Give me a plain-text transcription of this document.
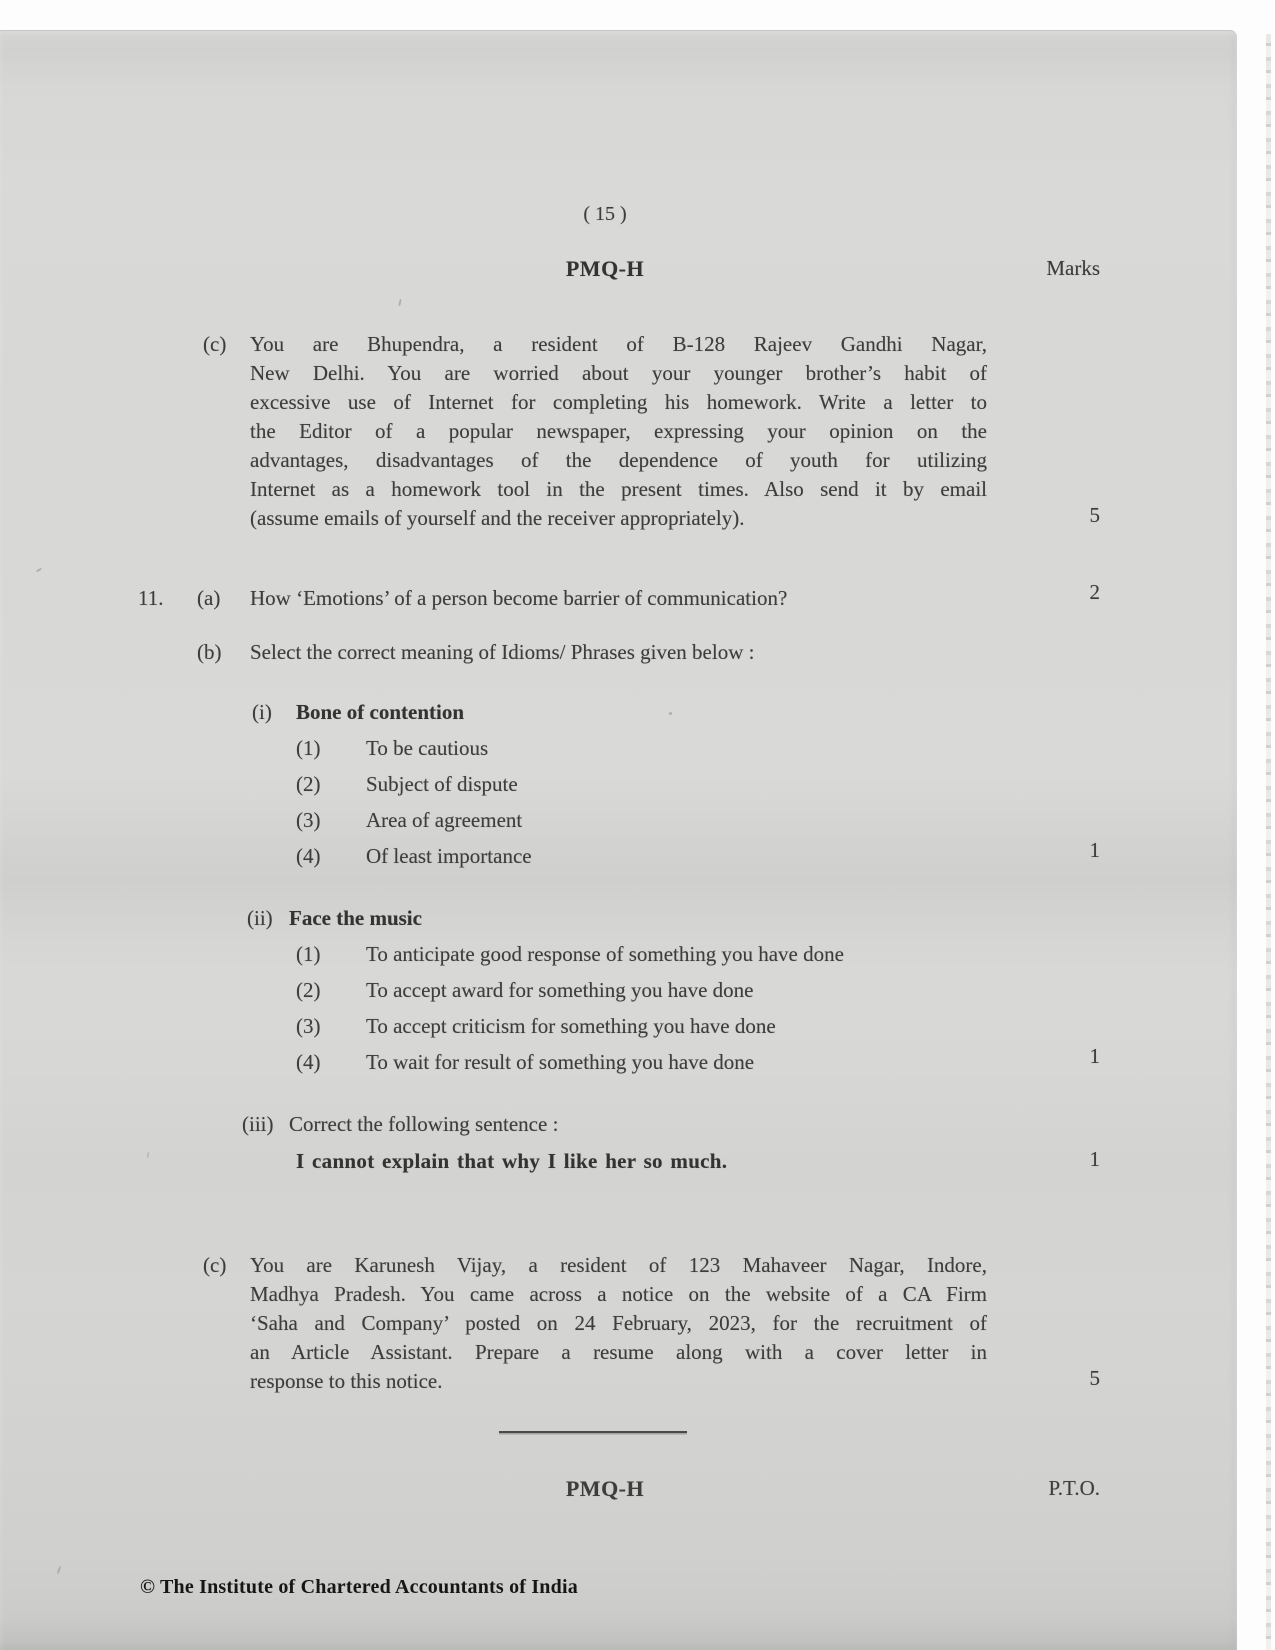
( 15 )
PMQ-H	Marks
(c) You are Bhupendra, a resident of B-128 Rajeev Gandhi Nagar,
New Delhi. You are worried about your younger brother’s habit of
excessive use of Internet for completing his homework. Write a letter to
the Editor of a popular newspaper, expressing your opinion on the
advantages, disadvantages of the dependence of youth for utilizing
Internet as a homework tool in the present times. Also send it by email
(assume emails of yourself and the receiver appropriately).	5
11. (a) How ‘Emotions’ of a person become barrier of communication?	2
(b) Select the correct meaning of Idioms/ Phrases given below :
(i) Bone of contention
(1) To be cautious
(2) Subject of dispute
(3) Area of agreement
(4) Of least importance	1
(ii) Face the music
(1) To anticipate good response of something you have done
(2) To accept award for something you have done
(3) To accept criticism for something you have done
(4) To wait for result of something you have done	1
(iii) Correct the following sentence :
I cannot explain that why I like her so much.	1
(c) You are Karunesh Vijay, a resident of 123 Mahaveer Nagar, Indore,
Madhya Pradesh. You came across a notice on the website of a CA Firm
‘Saha and Company’ posted on 24 February, 2023, for the recruitment of
an Article Assistant. Prepare a resume along with a cover letter in
response to this notice.	5
PMQ-H	P.T.O.
© The Institute of Chartered Accountants of India
